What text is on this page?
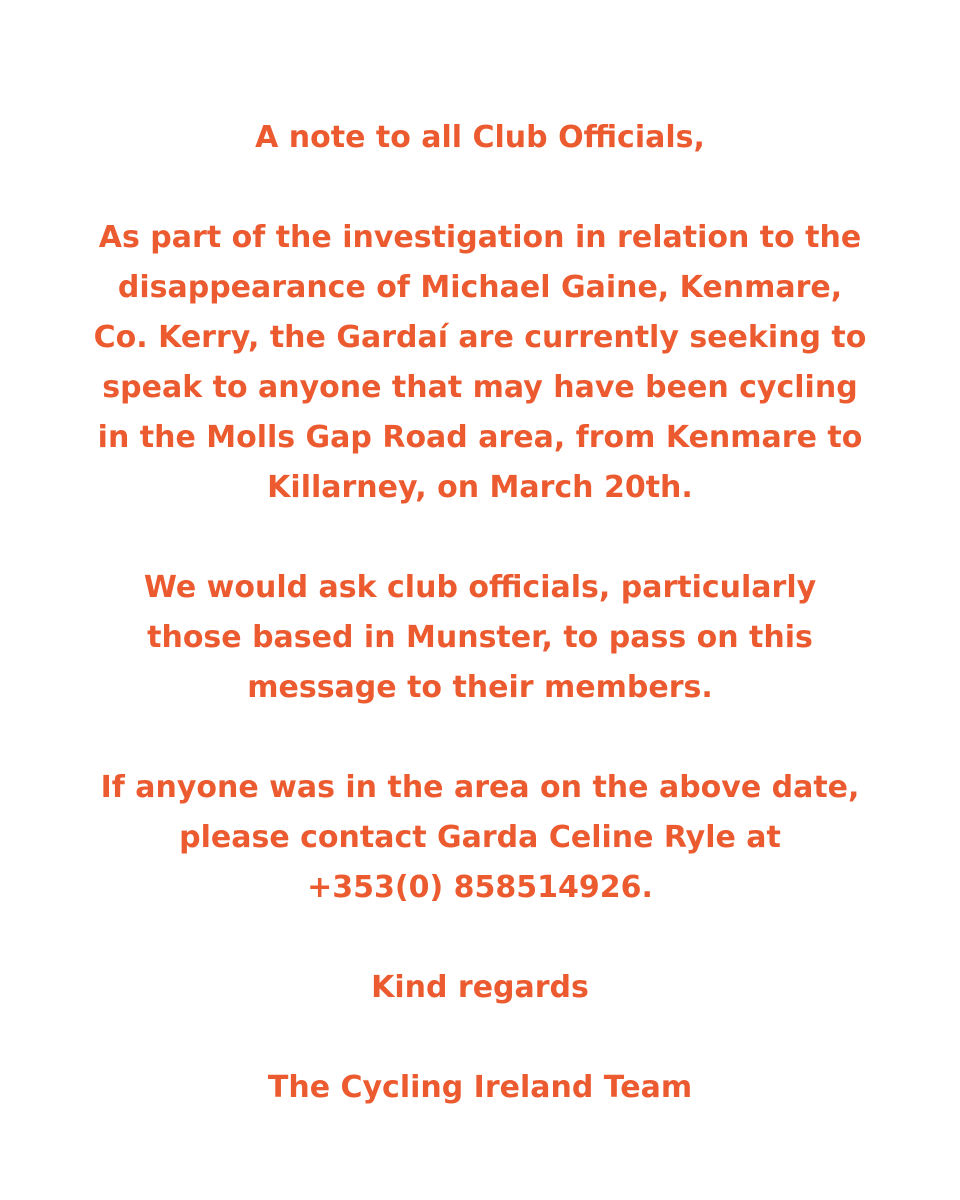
A note to all Club Officials,

As part of the investigation in relation to the
disappearance of Michael Gaine, Kenmare,
Co. Kerry, the Gardaí are currently seeking to
speak to anyone that may have been cycling
in the Molls Gap Road area, from Kenmare to
Killarney, on March 20th.

We would ask club officials, particularly
those based in Munster, to pass on this
message to their members.

If anyone was in the area on the above date,
please contact Garda Celine Ryle at
+353(0) 858514926.

Kind regards

The Cycling Ireland Team
